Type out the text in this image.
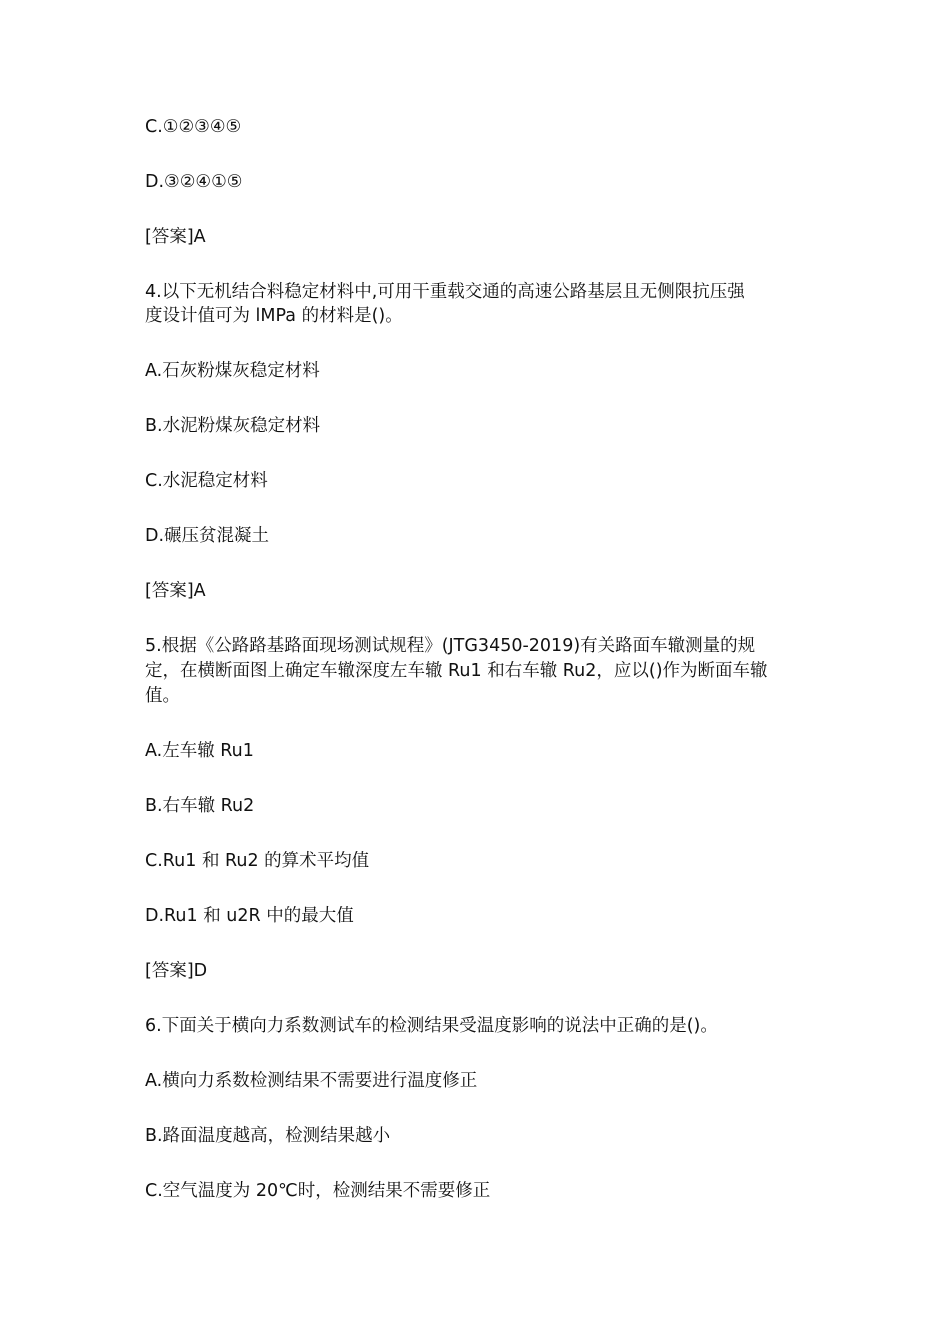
C.①②③④⑤

D.③②④①⑤

[答案]A

4.以下无机结合料稳定材料中,可用干重载交通的高速公路基层且无侧限抗压强

度设计值可为 lMPa 的材料是()。

A.石灰粉煤灰稳定材料

B.水泥粉煤灰稳定材料

C.水泥稳定材料

D.碾压贫混凝土

[答案]A

5.根据《公路路基路面现场测试规程》(JTG3450-2019)有关路面车辙测量的规

定，在横断面图上确定车辙深度左车辙 Ru1 和右车辙 Ru2，应以()作为断面车辙

值。

A.左车辙 Ru1

B.右车辙 Ru2

C.Ru1 和 Ru2 的算术平均值

D.Ru1 和 u2R 中的最大值

[答案]D

6.下面关于横向力系数测试车的检测结果受温度影响的说法中正确的是()。

A.横向力系数检测结果不需要进行温度修正

B.路面温度越高，检测结果越小

C.空气温度为 20℃时，检测结果不需要修正
